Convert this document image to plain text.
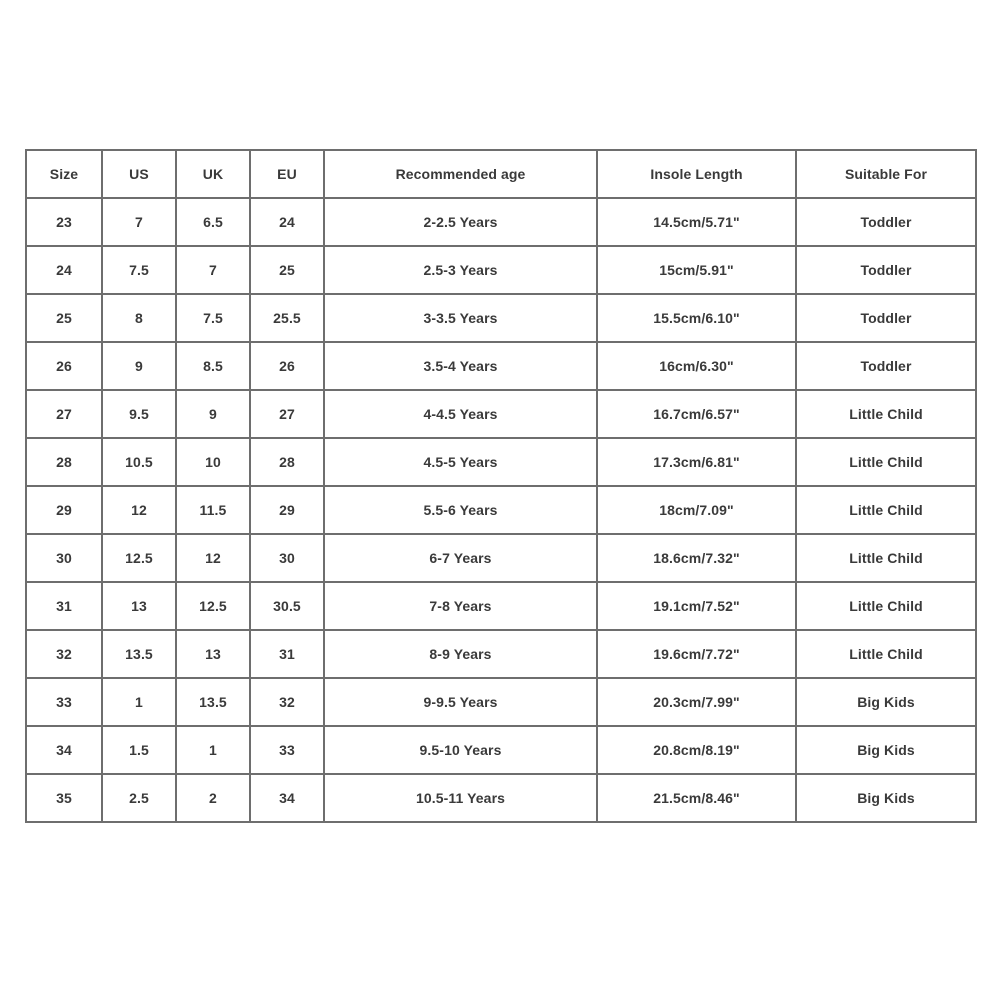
Size	US	UK	EU	Recommended age	Insole Length	Suitable For
23	7	6.5	24	2-2.5 Years	14.5cm/5.71"	Toddler
24	7.5	7	25	2.5-3 Years	15cm/5.91"	Toddler
25	8	7.5	25.5	3-3.5 Years	15.5cm/6.10"	Toddler
26	9	8.5	26	3.5-4 Years	16cm/6.30"	Toddler
27	9.5	9	27	4-4.5 Years	16.7cm/6.57"	Little Child
28	10.5	10	28	4.5-5 Years	17.3cm/6.81"	Little Child
29	12	11.5	29	5.5-6 Years	18cm/7.09"	Little Child
30	12.5	12	30	6-7 Years	18.6cm/7.32"	Little Child
31	13	12.5	30.5	7-8 Years	19.1cm/7.52"	Little Child
32	13.5	13	31	8-9 Years	19.6cm/7.72"	Little Child
33	1	13.5	32	9-9.5 Years	20.3cm/7.99"	Big Kids
34	1.5	1	33	9.5-10 Years	20.8cm/8.19"	Big Kids
35	2.5	2	34	10.5-11 Years	21.5cm/8.46"	Big Kids
